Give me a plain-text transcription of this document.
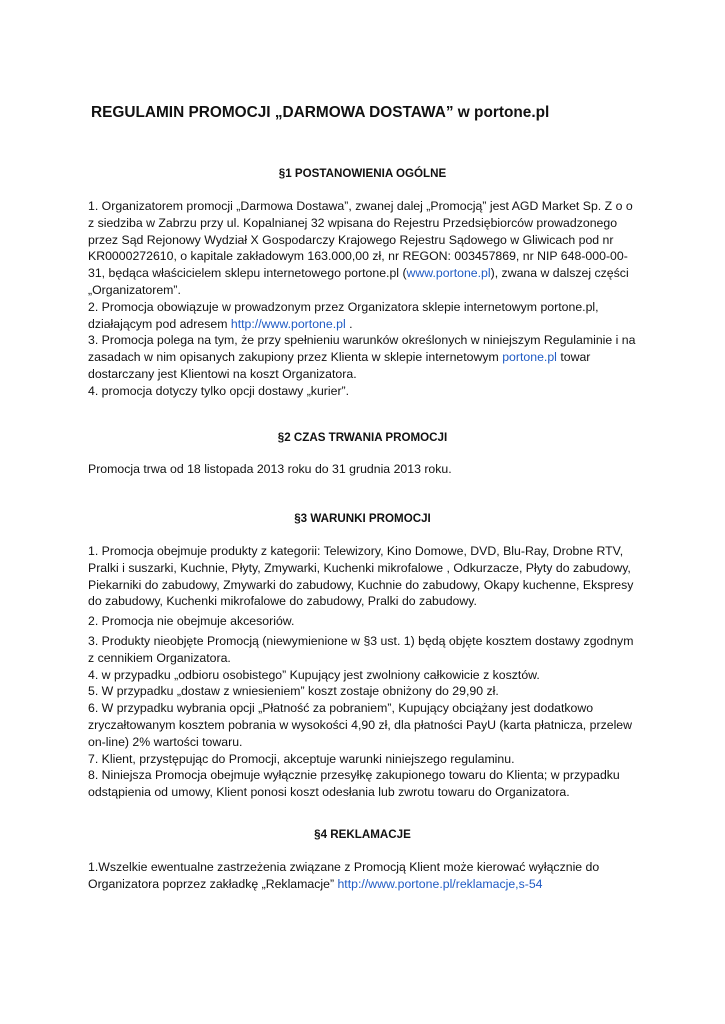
REGULAMIN PROMOCJI „DARMOWA DOSTAWA” w portone.pl
§1 POSTANOWIENIA OGÓLNE

1. Organizatorem promocji „Darmowa Dostawa”, zwanej dalej „Promocją” jest AGD Market Sp. Z o o z siedziba w Zabrzu przy ul. Kopalnianej 32 wpisana do Rejestru Przedsiębiorców prowadzonego przez Sąd Rejonowy Wydział X Gospodarczy Krajowego Rejestru Sądowego w Gliwicach pod nr KR0000272610, o kapitale zakładowym 163.000,00 zł, nr REGON: 003457869, nr NIP 648-000-00-31, będąca właścicielem sklepu internetowego portone.pl (www.portone.pl), zwana w dalszej części „Organizatorem”.

2. Promocja obowiązuje w prowadzonym przez Organizatora sklepie internetowym portone.pl, działającym pod adresem http://www.portone.pl .

3. Promocja polega na tym, że przy spełnieniu warunków określonych w niniejszym Regulaminie i na zasadach w nim opisanych zakupiony przez Klienta w sklepie internetowym portone.pl towar dostarczany jest Klientowi na koszt Organizatora.

4. promocja dotyczy tylko opcji dostawy „kurier”.

§2 CZAS TRWANIA PROMOCJI

Promocja trwa od 18 listopada 2013 roku do 31 grudnia 2013 roku.

§3 WARUNKI PROMOCJI

1. Promocja obejmuje produkty z kategorii: Telewizory, Kino Domowe, DVD, Blu-Ray, Drobne RTV, Pralki i suszarki, Kuchnie, Płyty, Zmywarki, Kuchenki mikrofalowe , Odkurzacze, Płyty do zabudowy, Piekarniki do zabudowy, Zmywarki do zabudowy, Kuchnie do zabudowy, Okapy kuchenne, Ekspresy do zabudowy, Kuchenki mikrofalowe do zabudowy, Pralki do zabudowy.

2. Promocja nie obejmuje akcesoriów.

3. Produkty nieobjęte Promocją (niewymienione w §3 ust. 1) będą objęte kosztem dostawy zgodnym z cennikiem Organizatora.

4. w przypadku „odbioru osobistego” Kupujący jest zwolniony całkowicie z kosztów.

5. W przypadku „dostaw z wniesieniem” koszt zostaje obniżony do 29,90 zł.

6. W przypadku wybrania opcji „Płatność za pobraniem”, Kupujący obciążany jest dodatkowo zryczałtowanym kosztem pobrania w wysokości 4,90 zł, dla płatności PayU (karta płatnicza, przelew on-line) 2% wartości towaru.

7. Klient, przystępując do Promocji, akceptuje warunki niniejszego regulaminu.

8. Niniejsza Promocja obejmuje wyłącznie przesyłkę zakupionego towaru do Klienta; w przypadku odstąpienia od umowy, Klient ponosi koszt odesłania lub zwrotu towaru do Organizatora.

§4 REKLAMACJE

1.Wszelkie ewentualne zastrzeżenia związane z Promocją Klient może kierować wyłącznie do Organizatora poprzez zakładkę „Reklamacje” http://www.portone.pl/reklamacje,s-54
